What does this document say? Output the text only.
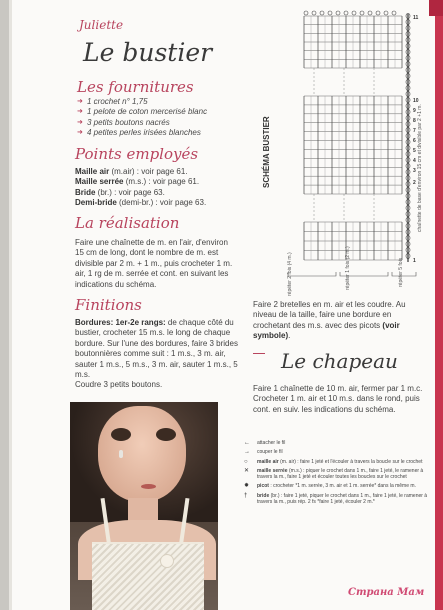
Juliette
Le bustier
Les fournitures
➜ 1 crochet n° 1,75
➜ 1 pelote de coton mercerisé blanc
➜ 3 petits boutons nacrés
➜ 4 petites perles irisées blanches
Points employés
Maille air (m.air) : voir page 61.
Maille serrée (m.s.) : voir page 61.
Bride (br.) : voir page 63.
Demi-bride (demi-br.) : voir page 63.
La réalisation
Faire une chaînette de m. en l'air, d'environ 15 cm de long, dont le nombre de m. est divisible par 2 m. + 1 m., puis crocheter 1 m. air, 1 rg de m. serrée et cont. en suivant les indications du schéma.
Finitions
Bordures: 1er-2e rangs: de chaque côté du bustier, crocheter 15 m.s. le long de chaque bordure. Sur l'une des bordures, faire 3 brides boutonnières comme suit : 1 m.s., 3 m. air, sauter 1 m.s., 5 m.s., 3 m. air, sauter 1 m.s., 5 m.s.
Coudre 3 petits boutons.
SCHÉMA BUSTIER
11
10
9
8
7
6
5
4
3
2
1
chaînette de base d'environ 15 cm et divisible par 2 +1 m.
répéter 2 fois (4 m.)	répéter 1 fois (2 m.)	répéter 5 fois
Faire 2 bretelles en m. air et les coudre. Au niveau de la taille, faire une bordure en crochetant des m.s. avec des picots (voir symbole).
Le chapeau
Faire 1 chaînette de 10 m. air, fermer par 1 m.c. Crocheter 1 m. air et 10 m.s. dans le rond, puis cont. en suiv. les indications du schéma.
← attacher le fil
→ couper le fil
○ maille air (m. air) : faire 1 jeté et l'écouler à travers la boucle sur le crochet
✕ maille serrée (m.s.) : piquer le crochet dans 1 m., faire 1 jeté, le ramener à travers la m., faire 1 jeté et écouler toutes les boucles sur le crochet
✸ picot : crocheter *1 m. serrée, 3 m. air et 1 m. serrée* dans la même m.
† bride (br.) : faire 1 jeté, piquer le crochet dans 1 m., faire 1 jeté, le ramener à travers la m., puis rép. 2 fs *faire 1 jeté, écouler 2 m.*
Страна Мам
